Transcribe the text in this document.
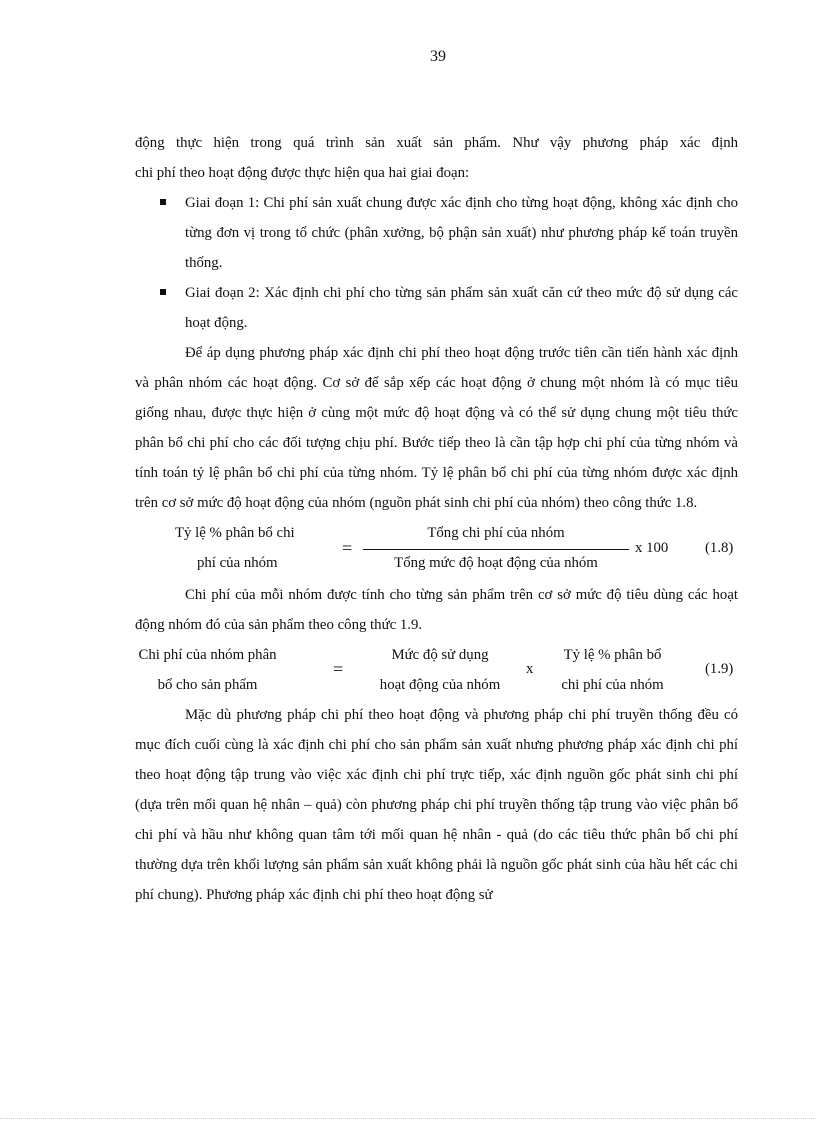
39

động thực hiện trong quá trình sản xuất sản phẩm. Như vậy phương pháp xác định

chi phí theo hoạt động được thực hiện qua hai giai đoạn:

Giai đoạn 1: Chi phí sản xuất chung được xác định cho từng hoạt động, không xác định cho từng đơn vị trong tổ chức (phân xưởng, bộ phận sản xuất) như phương pháp kế toán truyền thống.
Giai đoạn 2: Xác định chi phí cho từng sản phẩm sản xuất căn cứ theo mức độ sử dụng các hoạt động.

Để áp dụng phương pháp xác định chi phí theo hoạt động trước tiên cần tiến hành xác định và phân nhóm các hoạt động. Cơ sở để sắp xếp các hoạt động ở chung một nhóm là có mục tiêu giống nhau, được thực hiện ở cùng một mức độ hoạt động và có thể sử dụng chung một tiêu thức phân bổ chi phí cho các đối tượng chịu phí. Bước tiếp theo là cần tập hợp chi phí của từng nhóm và tính toán tỷ lệ phân bổ chi phí của từng nhóm. Tỷ lệ phân bổ chi phí của từng nhóm được xác định trên cơ sở mức độ hoạt động của nhóm (nguồn phát sinh chi phí của nhóm) theo công thức 1.8.

Tỷ lệ % phân bổ chi
phí của nhóm
=
Tổng chi phí của nhóm
Tổng mức độ hoạt động của nhóm
x 100 (1.8)

Chi phí của mỗi nhóm được tính cho từng sản phẩm trên cơ sở mức độ tiêu dùng các hoạt động nhóm đó của sản phẩm theo công thức 1.9.

Chi phí của nhóm phân
bổ cho sản phẩm
=
Mức độ sử dụng
hoạt động của nhóm
x
Tỷ lệ % phân bổ
chi phí của nhóm
(1.9)

Mặc dù phương pháp chi phí theo hoạt động và phương pháp chi phí truyền thống đều có mục đích cuối cùng là xác định chi phí cho sản phẩm sản xuất nhưng phương pháp xác định chi phí theo hoạt động tập trung vào việc xác định chi phí trực tiếp, xác định nguồn gốc phát sinh chi phí (dựa trên mối quan hệ nhân – quả) còn phương pháp chi phí truyền thống tập trung vào việc phân bổ chi phí và hầu như không quan tâm tới mối quan hệ nhân - quả (do các tiêu thức phân bổ chi phí thường dựa trên khối lượng sản phẩm sản xuất không phải là nguồn gốc phát sinh của hầu hết các chi phí chung). Phương pháp xác định chi phí theo hoạt động sử
